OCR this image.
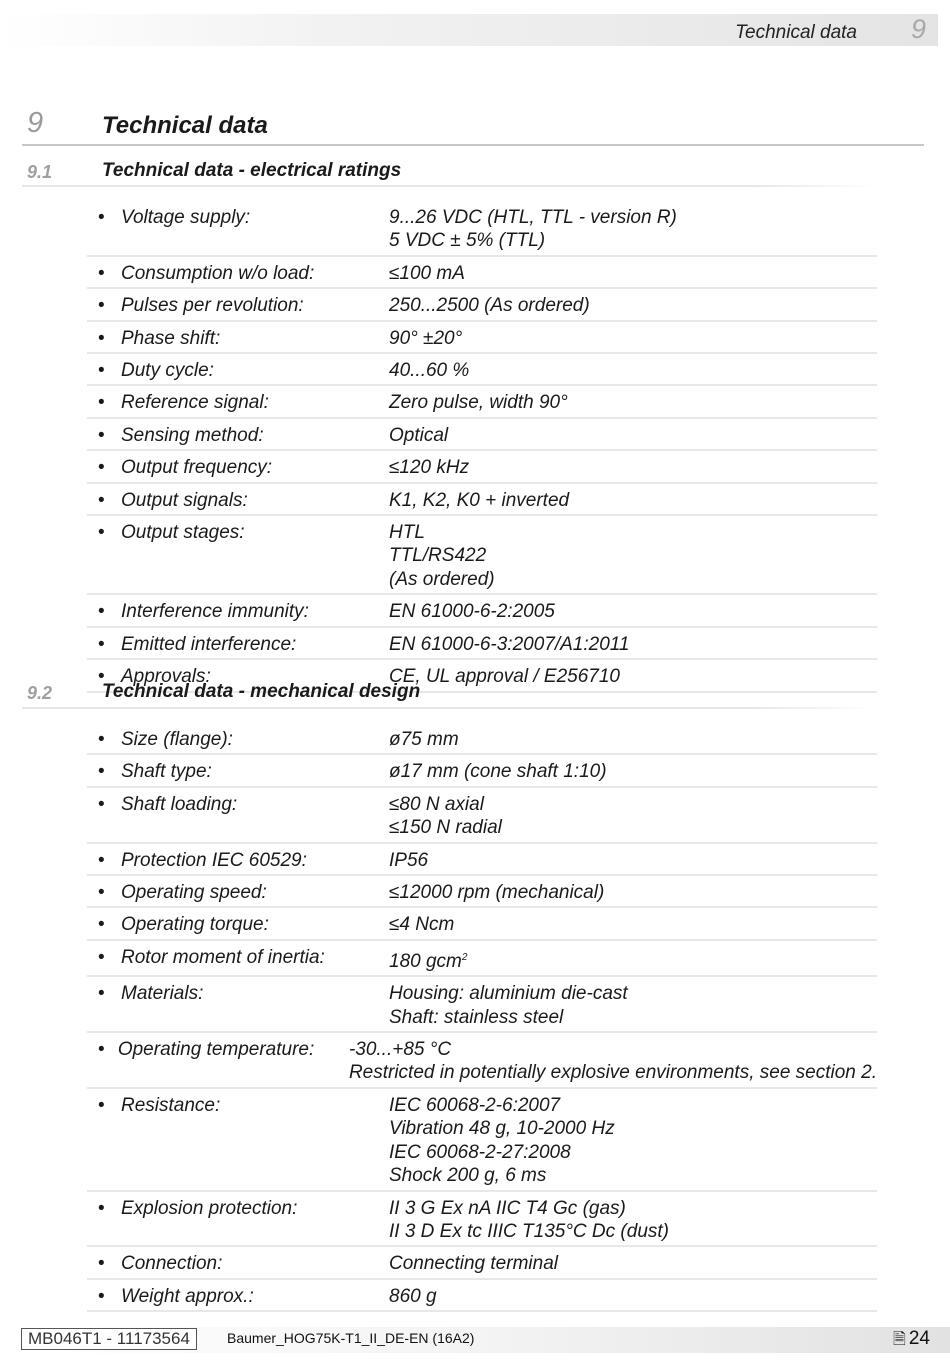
Technical data 9
9 Technical data
9.1	Technical data - electrical ratings
• Voltage supply:	9...26 VDC (HTL, TTL - version R)
5 VDC ± 5% (TTL)
• Consumption w/o load:	≤100 mA
• Pulses per revolution:	250...2500 (As ordered)
• Phase shift:	90° ±20°
• Duty cycle:	40...60 %
• Reference signal:	Zero pulse, width 90°
• Sensing method:	Optical
• Output frequency:	≤120 kHz
• Output signals:	K1, K2, K0 + inverted
• Output stages:	HTL
TTL/RS422
(As ordered)
• Interference immunity:	EN 61000-6-2:2005
• Emitted interference:	EN 61000-6-3:2007/A1:2011
• Approvals:	CE, UL approval / E256710
9.2	Technical data - mechanical design
• Size (flange):	ø75 mm
• Shaft type:	ø17 mm (cone shaft 1:10)
• Shaft loading:	≤80 N axial
≤150 N radial
• Protection IEC 60529:	IP56
• Operating speed:	≤12000 rpm (mechanical)
• Operating torque:	≤4 Ncm
• Rotor moment of inertia:	180 gcm$^2$
• Materials:	Housing: aluminium die-cast
Shaft: stainless steel
• Operating temperature:	-30...+85 °C
Restricted in potentially explosive environments, see section 2.
• Resistance:	IEC 60068-2-6:2007
Vibration 48 g, 10-2000 Hz
IEC 60068-2-27:2008
Shock 200 g, 6 ms
• Explosion protection:	II 3 G Ex nA IIC T4 Gc (gas)
II 3 D Ex tc IIIC T135°C Dc (dust)
• Connection:	Connecting terminal
• Weight approx.:	860 g
MB046T1 - 11173564	Baumer_HOG75K-T1_II_DE-EN (16A2)	🗎 24
